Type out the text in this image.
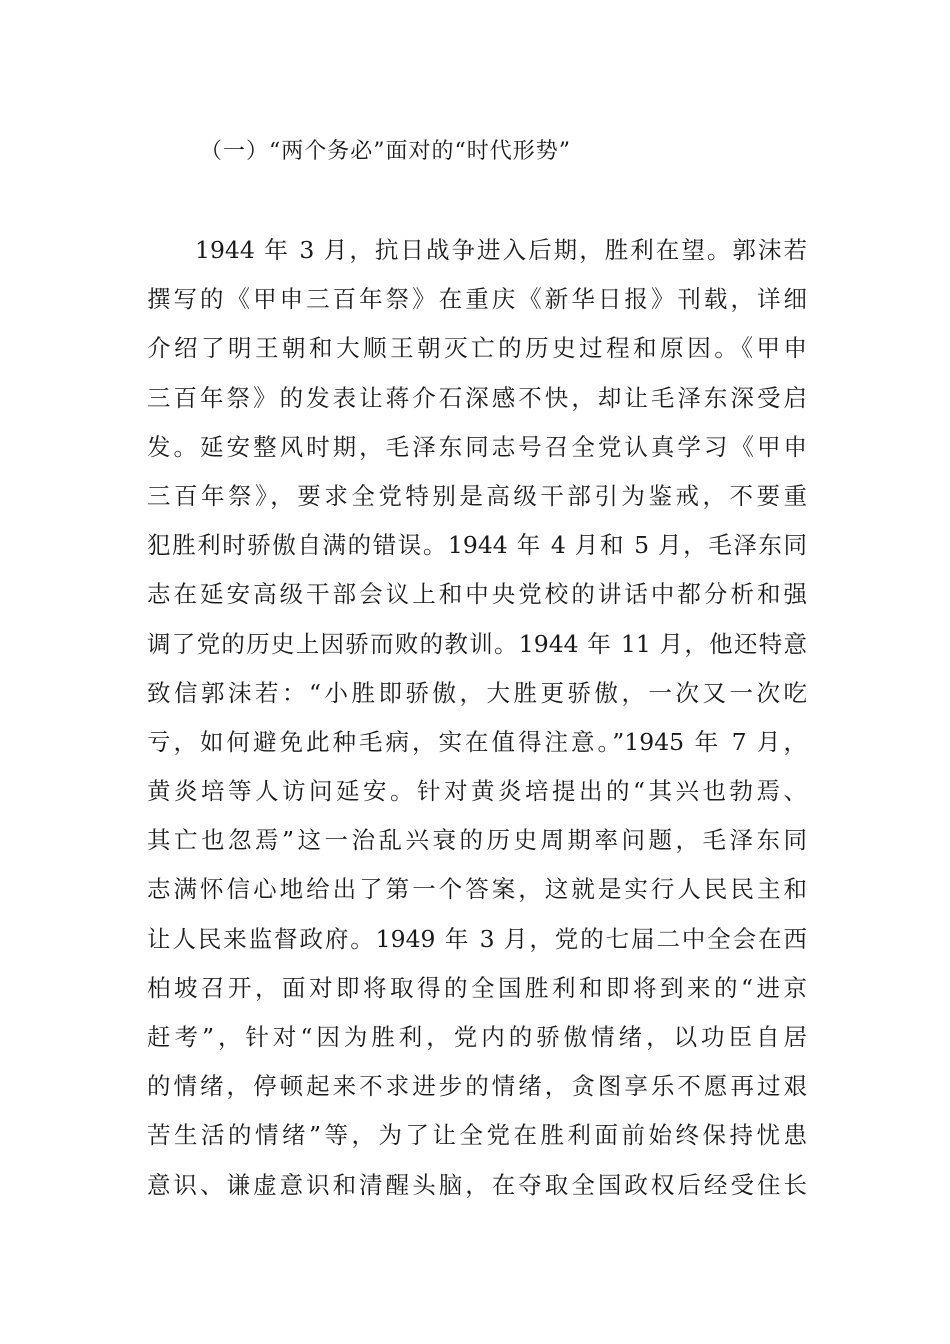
（一）“两个务必”面对的“时代形势”
1944 年 3 月，抗日战争进入后期，胜利在望。郭沫若
撰写的《甲申三百年祭》在重庆《新华日报》刊载，详细
介绍了明王朝和大顺王朝灭亡的历史过程和原因。《甲申
三百年祭》的发表让蒋介石深感不快，却让毛泽东深受启
发。延安整风时期，毛泽东同志号召全党认真学习《甲申
三百年祭》，要求全党特别是高级干部引为鉴戒，不要重
犯胜利时骄傲自满的错误。1944 年 4 月和 5 月，毛泽东同
志在延安高级干部会议上和中央党校的讲话中都分析和强
调了党的历史上因骄而败的教训。1944 年 11 月，他还特意
致信郭沫若：“小胜即骄傲，大胜更骄傲，一次又一次吃
亏，如何避免此种毛病，实在值得注意。”1945 年 7 月，
黄炎培等人访问延安。针对黄炎培提出的“其兴也勃焉、
其亡也忽焉”这一治乱兴衰的历史周期率问题，毛泽东同
志满怀信心地给出了第一个答案，这就是实行人民民主和
让人民来监督政府。1949 年 3 月，党的七届二中全会在西
柏坡召开，面对即将取得的全国胜利和即将到来的“进京
赶考”，针对“因为胜利，党内的骄傲情绪，以功臣自居
的情绪，停顿起来不求进步的情绪，贪图享乐不愿再过艰
苦生活的情绪”等，为了让全党在胜利面前始终保持忧患
意识、谦虚意识和清醒头脑，在夺取全国政权后经受住长
